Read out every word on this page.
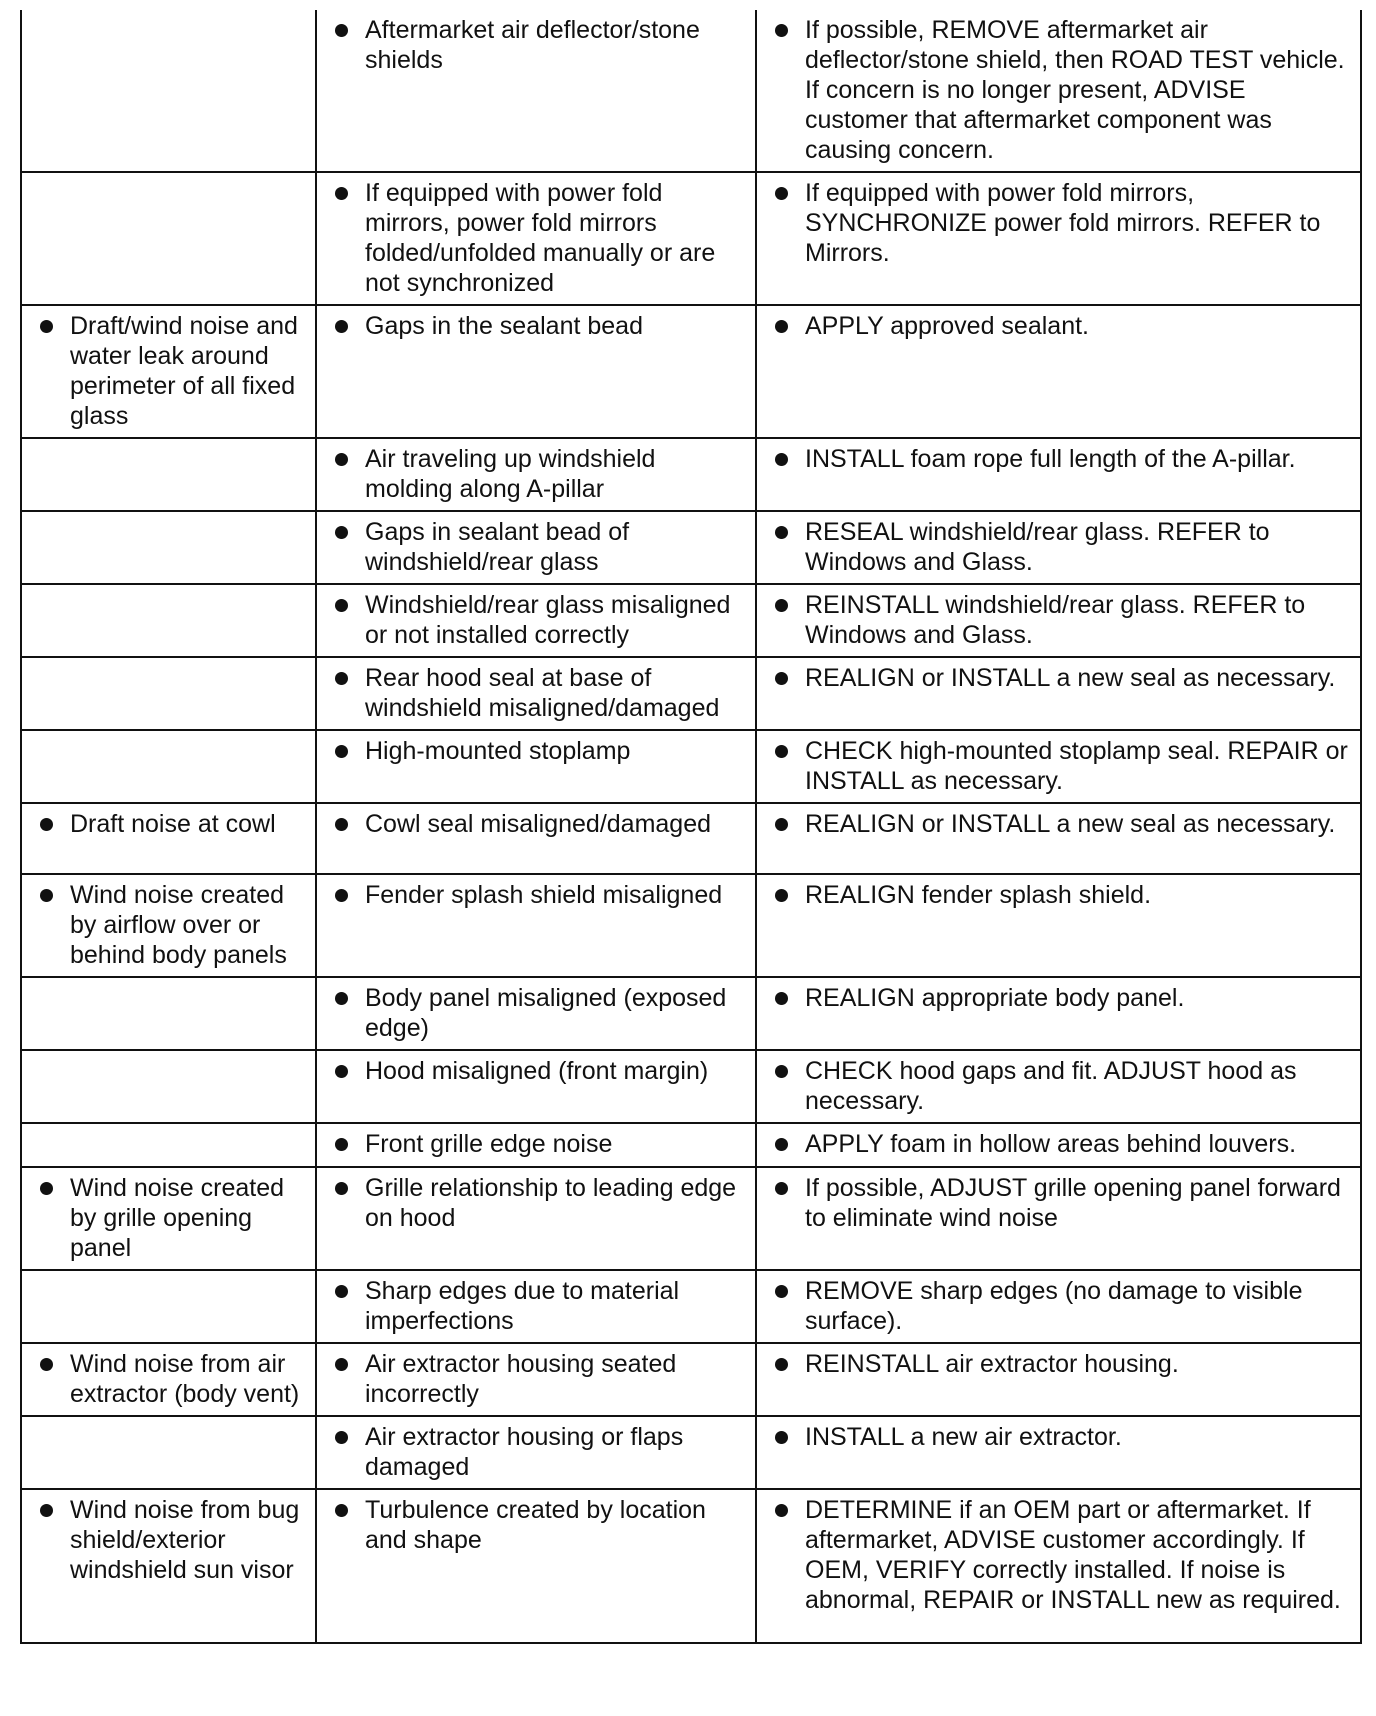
	Aftermarket air deflector/stone shields	If possible, REMOVE aftermarket air deflector/stone shield, then ROAD TEST vehicle. If concern is no longer present, ADVISE customer that aftermarket component was causing concern.

	If equipped with power fold mirrors, power fold mirrors folded/unfolded manually or are not synchronized	If equipped with power fold mirrors, SYNCHRONIZE power fold mirrors. REFER to Mirrors.

Draft/wind noise and water leak around perimeter of all fixed glass	Gaps in the sealant bead	APPLY approved sealant.

	Air traveling up windshield molding along A-pillar	INSTALL foam rope full length of the A-pillar.

	Gaps in sealant bead of windshield/rear glass	RESEAL windshield/rear glass. REFER to Windows and Glass.

	Windshield/rear glass misaligned or not installed correctly	REINSTALL windshield/rear glass. REFER to Windows and Glass.

	Rear hood seal at base of windshield misaligned/damaged	REALIGN or INSTALL a new seal as necessary.

	High-mounted stoplamp	CHECK high-mounted stoplamp seal. REPAIR or INSTALL as necessary.

Draft noise at cowl	Cowl seal misaligned/damaged	REALIGN or INSTALL a new seal as necessary.

Wind noise created by airflow over or behind body panels	Fender splash shield misaligned	REALIGN fender splash shield.

	Body panel misaligned (exposed edge)	REALIGN appropriate body panel.

	Hood misaligned (front margin)	CHECK hood gaps and fit. ADJUST hood as necessary.

	Front grille edge noise	APPLY foam in hollow areas behind louvers.

Wind noise created by grille opening panel	Grille relationship to leading edge on hood	If possible, ADJUST grille opening panel forward to eliminate wind noise

	Sharp edges due to material imperfections	REMOVE sharp edges (no damage to visible surface).

Wind noise from air extractor (body vent)	Air extractor housing seated incorrectly	REINSTALL air extractor housing.

	Air extractor housing or flaps damaged	INSTALL a new air extractor.

Wind noise from bug shield/exterior windshield sun visor	Turbulence created by location and shape	DETERMINE if an OEM part or aftermarket. If aftermarket, ADVISE customer accordingly. If OEM, VERIFY correctly installed. If noise is abnormal, REPAIR or INSTALL new as required.
